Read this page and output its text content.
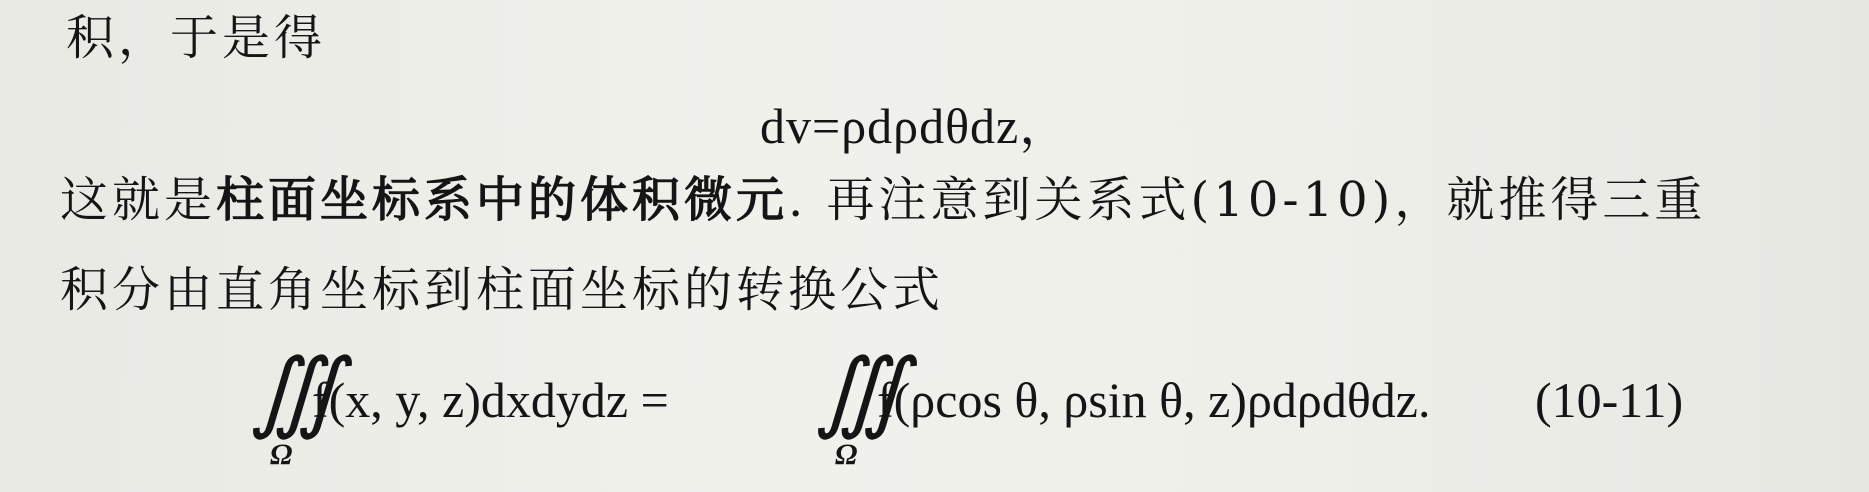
积，于是得
dv=ρdρdθdz，
这就是柱面坐标系中的体积微元. 再注意到关系式(10-10)，就推得三重
积分由直角坐标到柱面坐标的转换公式
∭
Ω
f(x, y, z)dxdydz = ∭
Ω
f(ρcos θ, ρsin θ, z)ρdρdθdz. (10-11)
